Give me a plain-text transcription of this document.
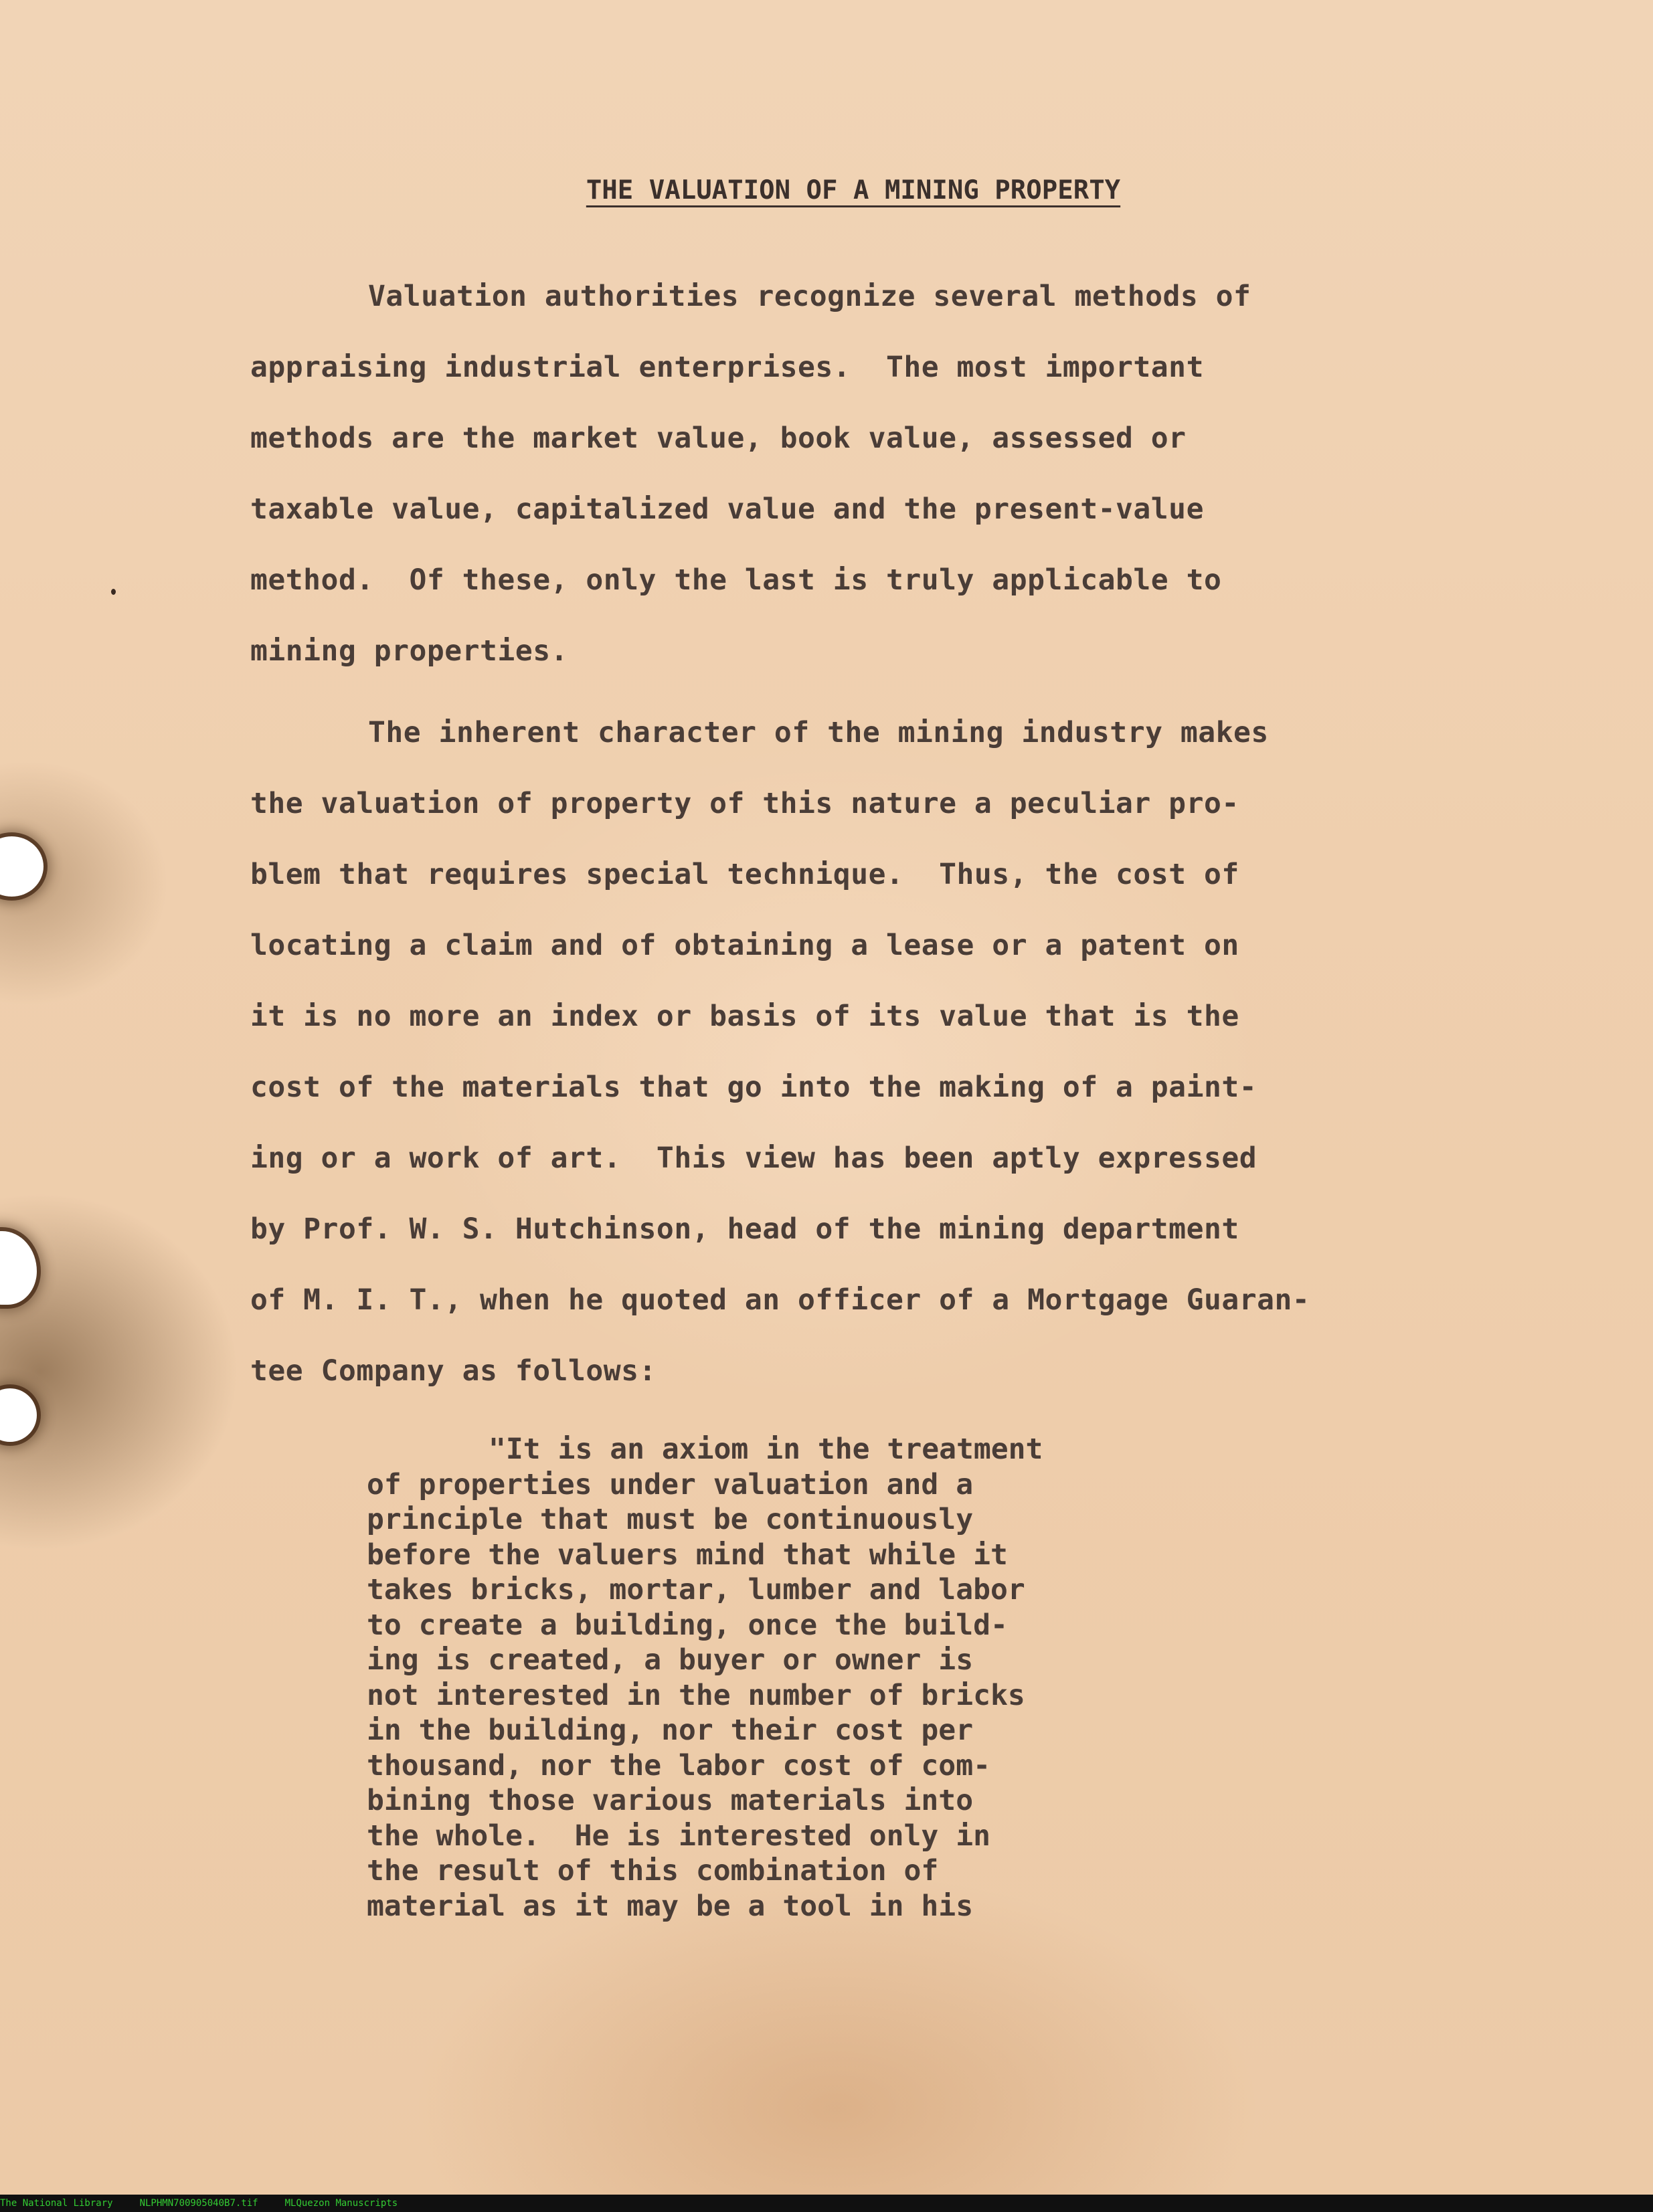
THE VALUATION OF A MINING PROPERTY
Valuation authorities recognize several methods of
appraising industrial enterprises.  The most important
methods are the market value, book value, assessed or
taxable value, capitalized value and the present-value
method.  Of these, only the last is truly applicable to
mining properties.
The inherent character of the mining industry makes
the valuation of property of this nature a peculiar pro-
blem that requires special technique.  Thus, the cost of
locating a claim and of obtaining a lease or a patent on
it is no more an index or basis of its value that is the
cost of the materials that go into the making of a paint-
ing or a work of art.  This view has been aptly expressed
by Prof. W. S. Hutchinson, head of the mining department
of M. I. T., when he quoted an officer of a Mortgage Guaran-
tee Company as follows:
"It is an axiom in the treatment
of properties under valuation and a
principle that must be continuously
before the valuers mind that while it
takes bricks, mortar, lumber and labor
to create a building, once the build-
ing is created, a buyer or owner is
not interested in the number of bricks
in the building, nor their cost per
thousand, nor the labor cost of com-
bining those various materials into
the whole.  He is interested only in
the result of this combination of
material as it may be a tool in his
The National Library	NLPHMN700905040B7.tif	MLQuezon Manuscripts
